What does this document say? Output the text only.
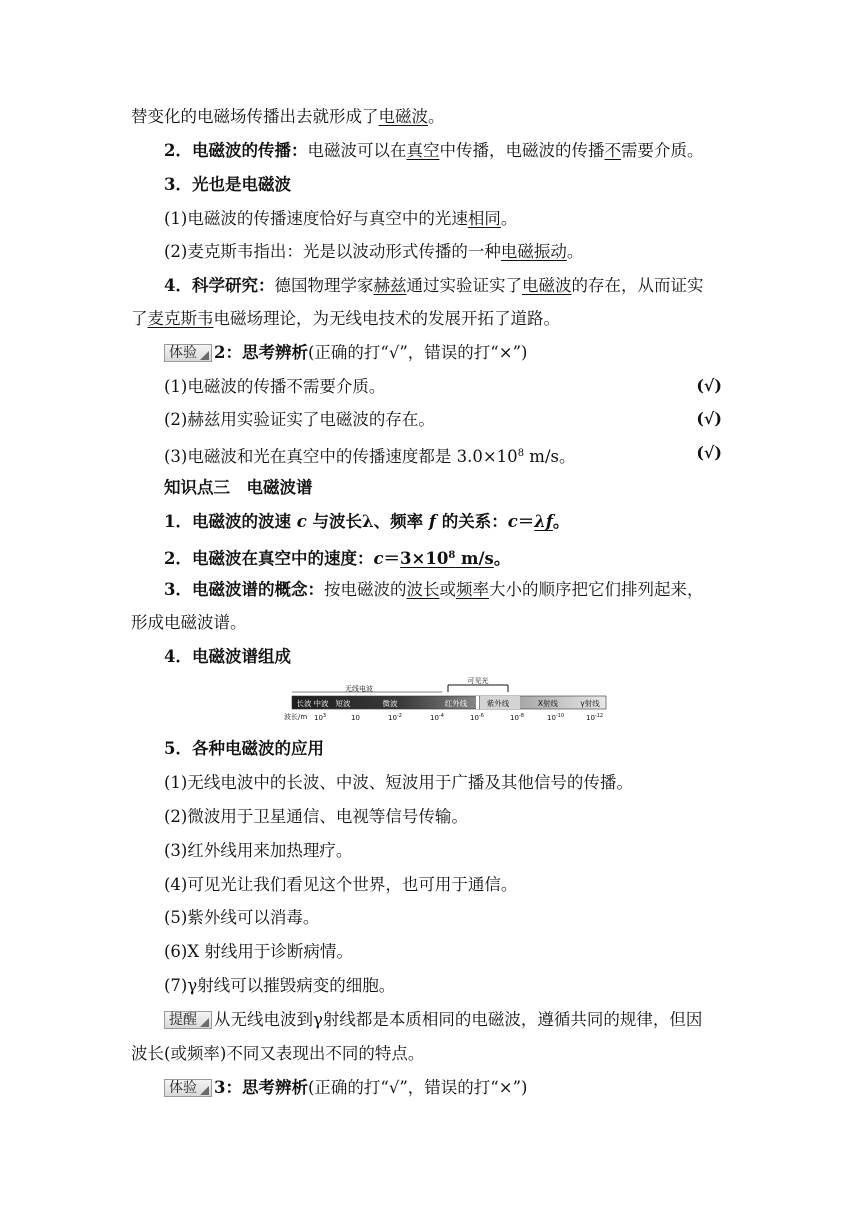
替变化的电磁场传播出去就形成了电磁波。
2．电磁波的传播：电磁波可以在真空中传播，电磁波的传播不需要介质。
3．光也是电磁波
(1)电磁波的传播速度恰好与真空中的光速相同。
(2)麦克斯韦指出：光是以波动形式传播的一种电磁振动。
4．科学研究：德国物理学家赫兹通过实验证实了电磁波的存在，从而证实
了麦克斯韦电磁场理论，为无线电技术的发展开拓了道路。
体验 2：思考辨析(正确的打“√”，错误的打“×”)
(1)电磁波的传播不需要介质。	(√)
(2)赫兹用实验证实了电磁波的存在。	(√)
(3)电磁波和光在真空中的传播速度都是 $3.0\times 10^8$ m/s。	(√)
知识点三　电磁波谱
1．电磁波的波速 c 与波长λ、频率 f 的关系：c＝λf。
2．电磁波在真空中的速度：$c=3\times 10^8$ m/s。
3．电磁波谱的概念：按电磁波的波长或频率大小的顺序把它们排列起来，
形成电磁波谱。
4．电磁波谱组成
可见光
无线电波
长波 中波 短波	微波	红外线	紫外线	X射线	γ射线
波长/m $10^3$	10	$10^{-2}$	$10^{-4}$	$10^{-6}$	$10^{-8}$	$10^{-10}$	$10^{-12}$
5．各种电磁波的应用
(1)无线电波中的长波、中波、短波用于广播及其他信号的传播。
(2)微波用于卫星通信、电视等信号传输。
(3)红外线用来加热理疗。
(4)可见光让我们看见这个世界，也可用于通信。
(5)紫外线可以消毒。
(6)X 射线用于诊断病情。
(7)γ射线可以摧毁病变的细胞。
提醒 从无线电波到γ射线都是本质相同的电磁波，遵循共同的规律，但因
波长(或频率)不同又表现出不同的特点。
体验 3：思考辨析(正确的打“√”，错误的打“×”)
